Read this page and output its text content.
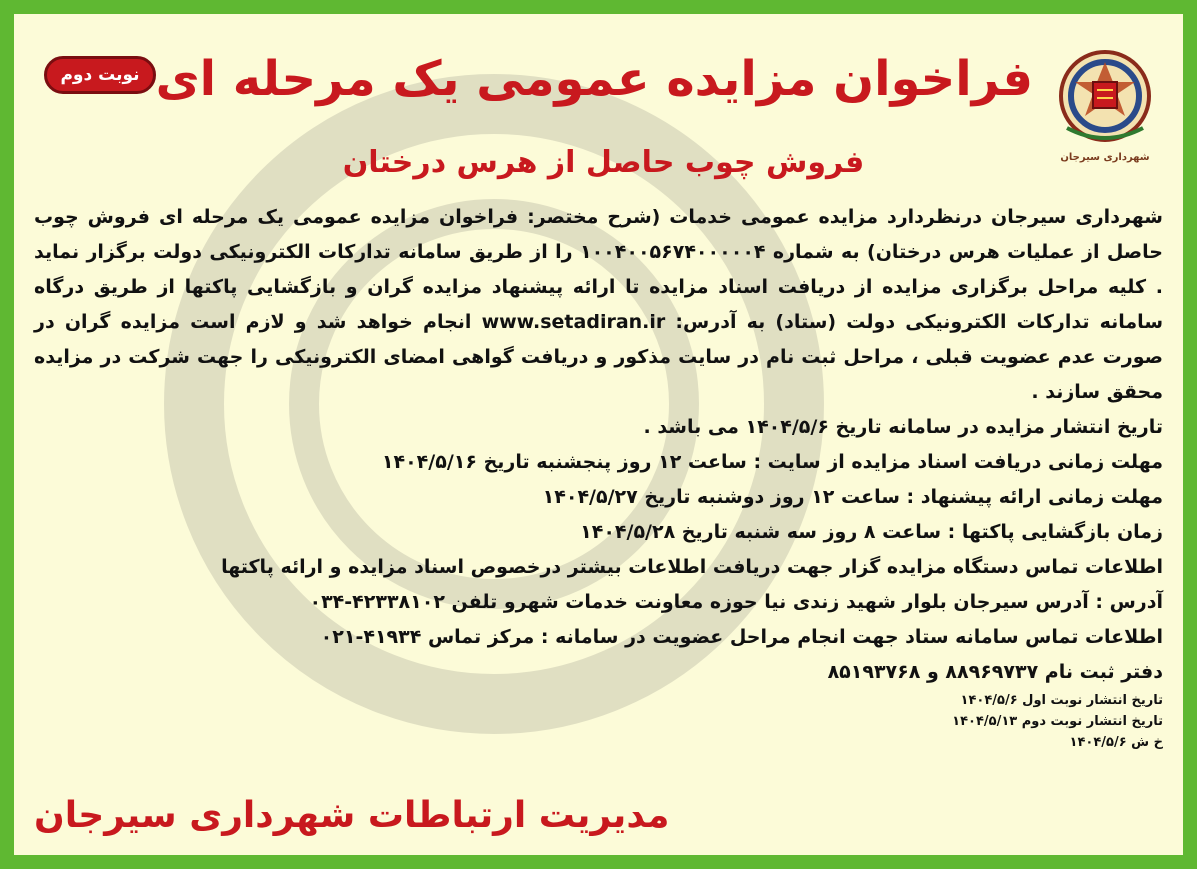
شهرداری سیرجان
نوبت دوم فراخوان مزایده عمومی یک مرحله ای
فروش چوب حاصل از هرس درختان

شهرداری سیرجان درنظردارد مزایده عمومی خدمات (شرح مختصر: فراخوان مزایده عمومی یک مرحله ای فروش چوب حاصل از عملیات هرس درختان) به شماره ۱۰۰۴۰۰۵۶۷۴۰۰۰۰۰۴ را از طریق سامانه تدارکات الکترونیکی دولت برگزار نماید . کلیه مراحل برگزاری مزایده از دریافت اسناد مزایده تا ارائه پیشنهاد مزایده گران و بازگشایی پاکتها از طریق درگاه سامانه تدارکات الکترونیکی دولت (ستاد) به آدرس: www.setadiran.ir انجام خواهد شد و لازم است مزایده گران در صورت عدم عضویت قبلی ، مراحل ثبت نام در سایت مذکور و دریافت گواهی امضای الکترونیکی را جهت شرکت در مزایده محقق سازند .

تاریخ انتشار مزایده در سامانه تاریخ ۱۴۰۴/۵/۶ می باشد .
مهلت زمانی دریافت اسناد مزایده از سایت : ساعت ۱۲ روز پنجشنبه تاریخ ۱۴۰۴/۵/۱۶
مهلت زمانی ارائه پیشنهاد : ساعت ۱۲ روز دوشنبه تاریخ ۱۴۰۴/۵/۲۷
زمان بازگشایی پاکتها : ساعت ۸ روز سه شنبه تاریخ ۱۴۰۴/۵/۲۸
اطلاعات تماس دستگاه مزایده گزار جهت دریافت اطلاعات بیشتر درخصوص اسناد مزایده و ارائه پاکتها
آدرس : آدرس سیرجان بلوار شهید زندی نیا حوزه معاونت خدمات شهرو تلفن ۴۲۳۳۸۱۰۲-۰۳۴
اطلاعات تماس سامانه ستاد جهت انجام مراحل عضویت در سامانه : مرکز تماس ۴۱۹۳۴-۰۲۱
دفتر ثبت نام ۸۸۹۶۹۷۳۷ و ۸۵۱۹۳۷۶۸
تاریخ انتشار نوبت اول ۱۴۰۴/۵/۶
تاریخ انتشار نوبت دوم ۱۴۰۴/۵/۱۳
خ ش ۱۴۰۴/۵/۶
مدیریت ارتباطات شهرداری سیرجان
